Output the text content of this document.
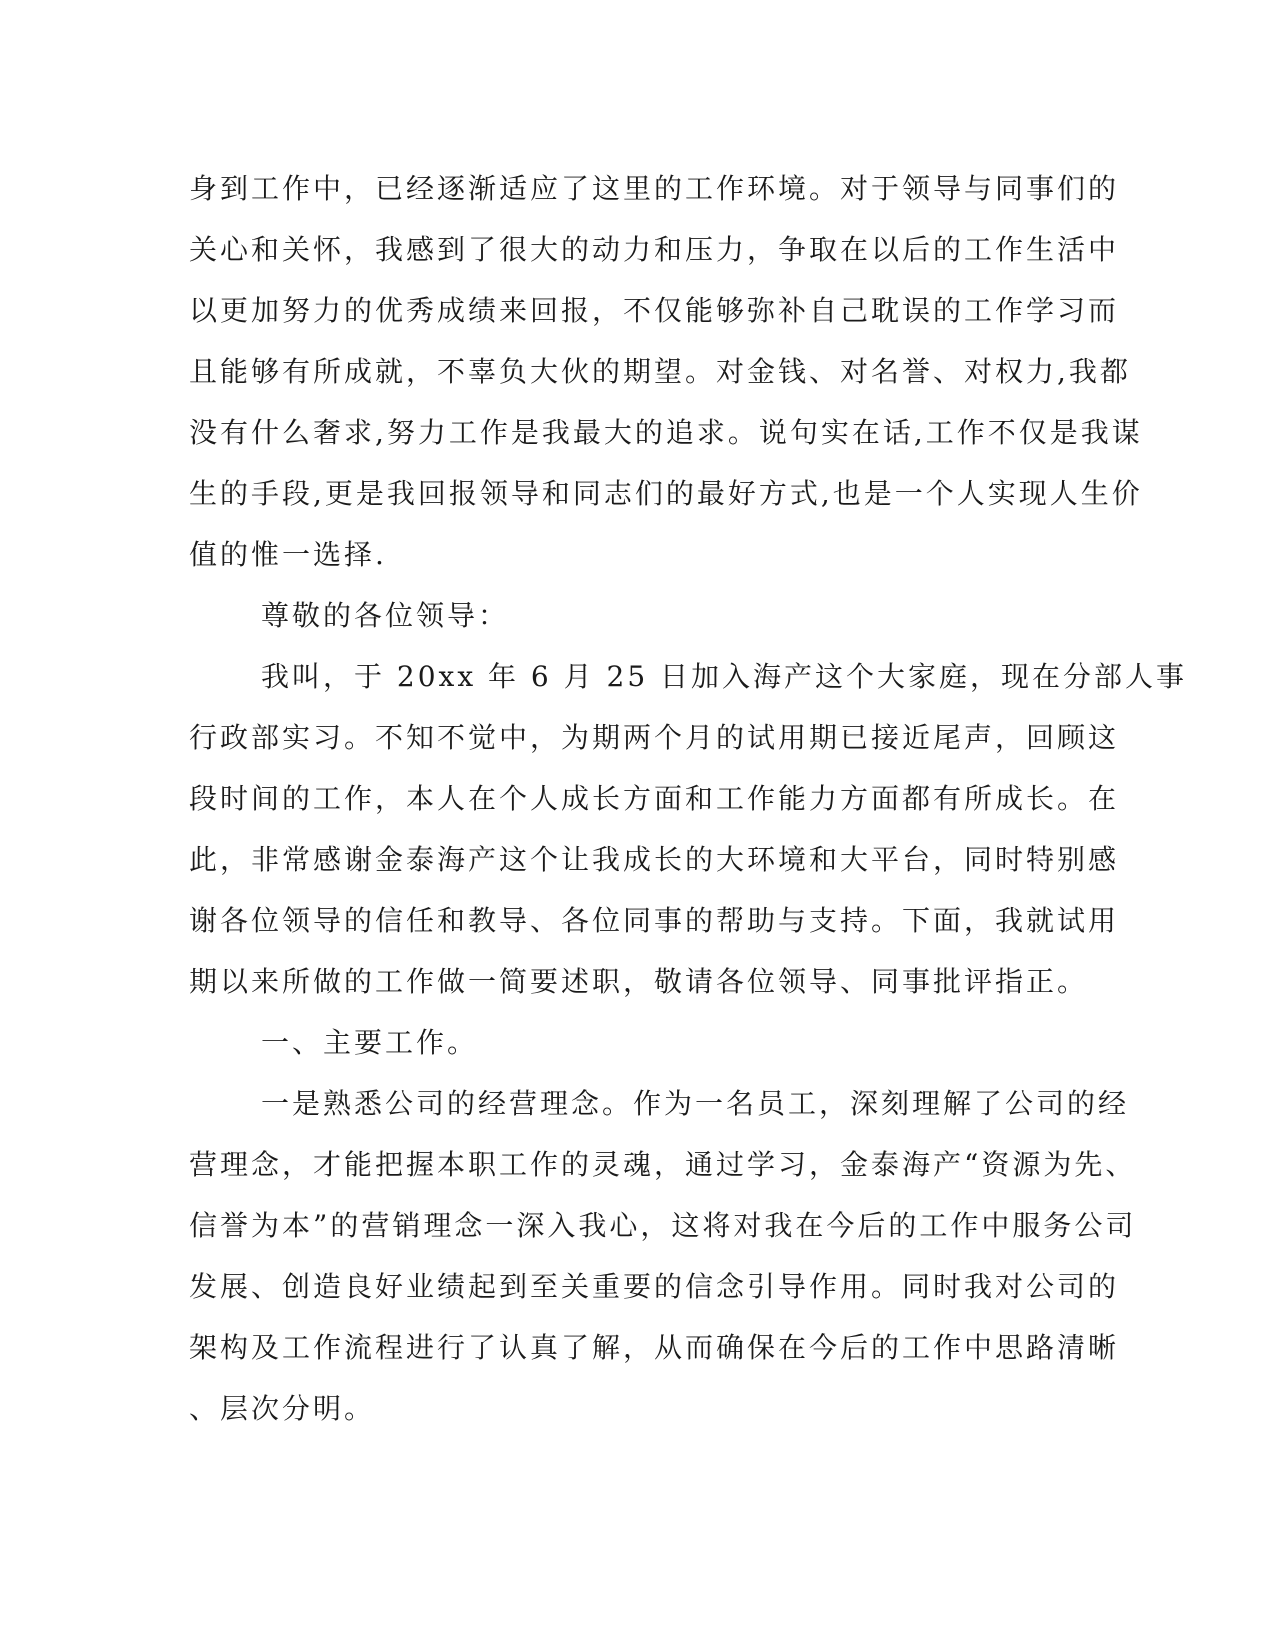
身到工作中，已经逐渐适应了这里的工作环境。对于领导与同事们的
关心和关怀，我感到了很大的动力和压力，争取在以后的工作生活中
以更加努力的优秀成绩来回报，不仅能够弥补自己耽误的工作学习而
且能够有所成就，不辜负大伙的期望。对金钱、对名誉、对权力,我都
没有什么奢求,努力工作是我最大的追求。说句实在话,工作不仅是我谋
生的手段,更是我回报领导和同志们的最好方式,也是一个人实现人生价
值的惟一选择.
尊敬的各位领导：
我叫，于 20xx 年 6 月 25 日加入海产这个大家庭，现在分部人事
行政部实习。不知不觉中，为期两个月的试用期已接近尾声，回顾这
段时间的工作，本人在个人成长方面和工作能力方面都有所成长。在
此，非常感谢金泰海产这个让我成长的大环境和大平台，同时特别感
谢各位领导的信任和教导、各位同事的帮助与支持。下面，我就试用
期以来所做的工作做一简要述职，敬请各位领导、同事批评指正。
一、主要工作。
一是熟悉公司的经营理念。作为一名员工，深刻理解了公司的经
营理念，才能把握本职工作的灵魂，通过学习，金泰海产“资源为先、
信誉为本”的营销理念一深入我心，这将对我在今后的工作中服务公司
发展、创造良好业绩起到至关重要的信念引导作用。同时我对公司的
架构及工作流程进行了认真了解，从而确保在今后的工作中思路清晰
、层次分明。
